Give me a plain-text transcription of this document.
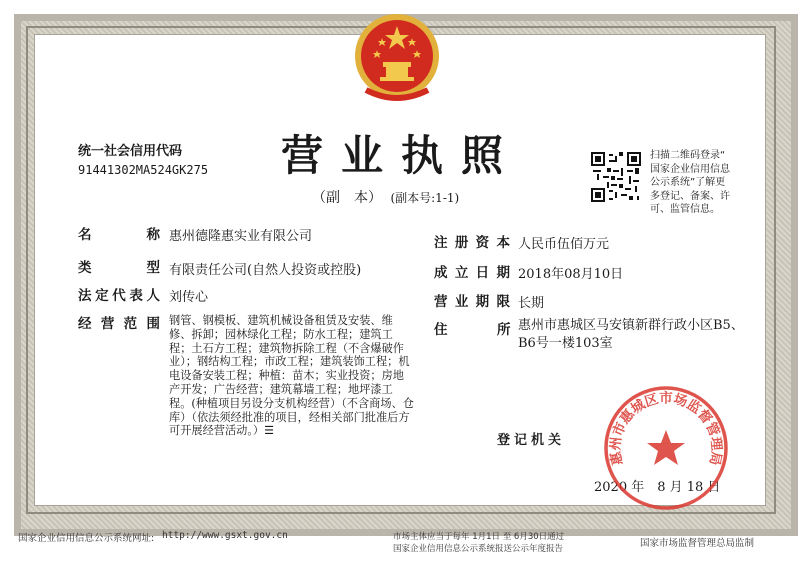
统一社会信用代码
91441302MA524GK275 营业执照
（副　本） (副本号:1-1)
扫描二维码登录“
国家企业信用信息
公示系统”了解更
多登记、备案、许
可、监管信息。
名　　　称 惠州德隆惠实业有限公司
类　　　型 有限责任公司(自然人投资或控股)
法定代表人 刘传心
经 营 范 围 钢管、钢模板、建筑机械设备租赁及安装、维修、拆卸；园林绿化工程；防水工程；建筑工程；土石方工程；建筑物拆除工程（不含爆破作业）；钢结构工程；市政工程；建筑装饰工程；机电设备安装工程；种植：苗木；实业投资；房地产开发；广告经营；建筑幕墙工程；地坪漆工程。(种植项目另设分支机构经营）（不含商场、仓库）（依法须经批准的项目，经相关部门批准后方可开展经营活动。）☰
注 册 资 本 人民币伍佰万元
成 立 日 期 2018年08月10日
营 业 期 限 长期
住	所 惠州市惠城区马安镇新群行政小区B5、B6号一楼103室
登记机关
2020 年　8 月 18 日
惠州市惠城区市场监督管理局
国家企业信用信息公示系统网址: http://www.gsxt.gov.cn	市场主体应当于每年 1月1日 至 6月30日通过
国家企业信用信息公示系统报送公示年度报告	国家市场监督管理总局监制
